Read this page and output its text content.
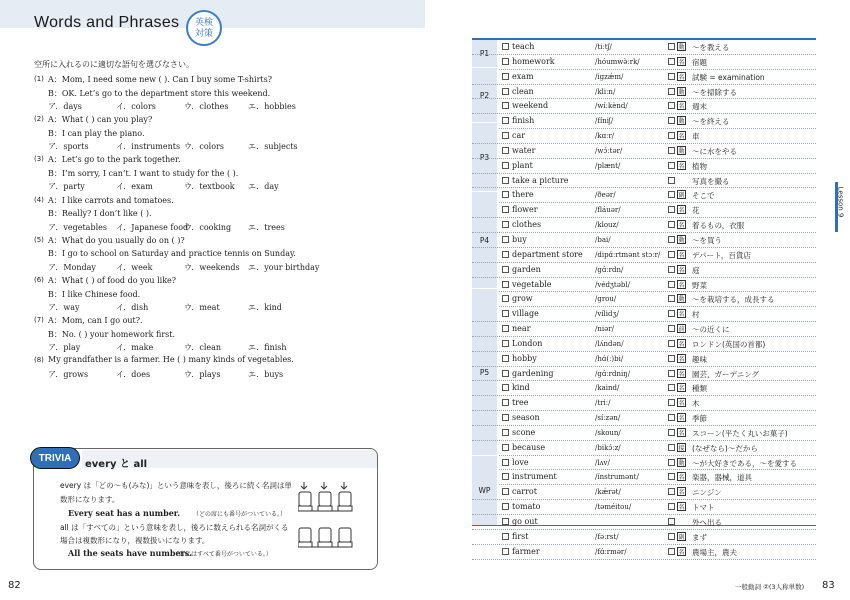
Words and Phrases	英検
対策
空所に入れるのに適切な語句を選びなさい。
(1) A：Mom, I need some new ( ). Can I buy some T-shirts?
B：OK. Let’s go to the department store this weekend.
ア．days	イ．colors	ウ．clothes エ．hobbies
(2) A：What ( ) can you play?
B：I can play the piano.
ア．sports	イ．instruments ウ．colors	エ．subjects
(3) A：Let’s go to the park together.
B：I’m sorry, I can’t. I want to study for the ( ).
ア．party	イ．exam	ウ．textbook エ．day
(4) A：I like carrots and tomatoes.
B：Really? I don’t like ( ).
ア．vegetables イ．Japanese food
ウ．cooking エ．trees
(5) A：What do you usually do on ( )?
B：I go to school on Saturday and practice tennis on Sunday.
ア．Monday	イ．week	ウ．weekends エ．your birthday
(6) A：What ( ) of food do you like?
B：I like Chinese food.
ア．way	イ．dish	ウ．meat	エ．kind
(7) A：Mom, can I go out?.
B：No. ( ) your homework first.
ア．play	イ．make	ウ．clean	エ．finish
(8) My grandfather is a farmer. He ( ) many kinds of vegetables.
ア．grows	イ．does	ウ．plays	エ．buys
TRIVIA
every と all
every は「どの～も(みな)」という意味を表し，後ろに続く名詞は単
数形になります。
Every seat has a number. （どの席にも番号がついている。）
all は「すべての」という意味を表し，後ろに数えられる名詞がくる
場合は複数形になり，複数扱いになります。
All the seats have numbers.
（席にはすべて番号がついている。）
82
P1
teach	/tiːtʃ/	動 ～を教える
homework	/hóumwə̀ːrk/	名 宿題
P2
exam	/igzǽm/	名 試験 = examination
clean	/kliːn/	動 ～を掃除する
weekend	/wíːkènd/	名 週末
finish	/fíniʃ/	動 ～を終える
P3
car	/kɑːr/	名 車
water	/wɔ́ːtər/	動 ～に水をやる
plant	/plænt/	名 植物
take a picture	写真を撮る
there	/ðeər/	副 そこで
P4
flower	/fláuər/	名 花
clothes	/klouz/	名 着るもの，衣服
buy	/bai/	動 ～を買う
department store /dipɑ́ːrtmənt stɔːr/	名 デパート，百貨店
garden	/gɑ́ːrdn/	名 庭
vegetable	/védʒtəbl/	名 野菜
grow	/grou/	動 ～を栽培する，成長する
P5
village	/vílidʒ/	名 村
near	/niər/	前 ～の近くに
London	/lʌ́ndən/	名 ロンドン(英国の首都)
hobby	/hɑ́(ː)bi/	名 趣味
gardening	/gɑ́ːrdniŋ/	名 園芸，ガーデニング
kind	/kaind/	名 種類
tree	/triː/	名 木
season	/síːzən/	名 季節
scone	/skoun/	名 スコーン(平たく丸いお菓子)
because	/bikɔ́ːz/	接 (なぜなら)～だから
love	/lʌv/	動 ～が大好きである，～を愛する
instrument	/ínstrumənt/	名 楽器，器械，道具
WP	carrot	/kǽrət/	名 ニンジン
tomato	/təméitou/	名 トマト
go out	外へ出る
first	/fəːrst/	副 まず
farmer	/fɑ́ːrmər/	名 農場主，農夫
Lesson 9
一般動詞 ②(3人称単数) 83
